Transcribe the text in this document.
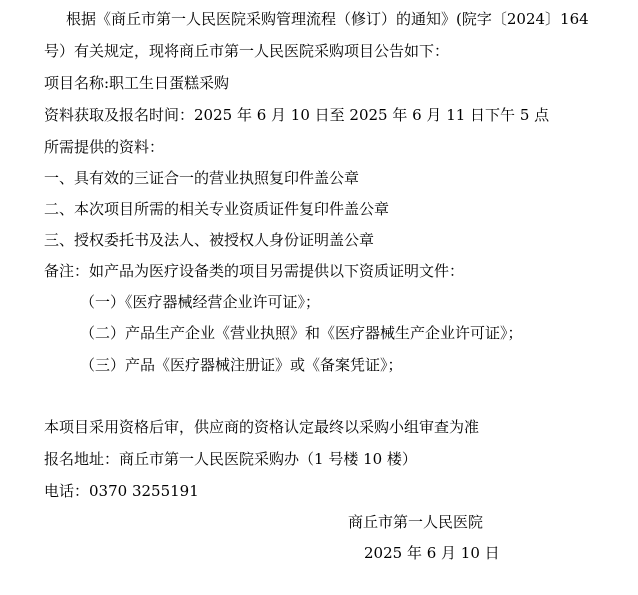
根据《商丘市第一人民医院采购管理流程（修订）的通知》(院字〔2024〕164
号）有关规定，现将商丘市第一人民医院采购项目公告如下：
项目名称:职工生日蛋糕采购
资料获取及报名时间：2025 年 6 月 10 日至 2025 年 6 月 11 日下午 5 点
所需提供的资料：
一、具有效的三证合一的营业执照复印件盖公章
二、本次项目所需的相关专业资质证件复印件盖公章
三、授权委托书及法人、被授权人身份证明盖公章
备注：如产品为医疗设备类的项目另需提供以下资质证明文件：
（一）《医疗器械经营企业许可证》；
（二）产品生产企业《营业执照》和《医疗器械生产企业许可证》；
（三）产品《医疗器械注册证》或《备案凭证》；
本项目采用资格后审，供应商的资格认定最终以采购小组审查为准
报名地址：商丘市第一人民医院采购办（1 号楼 10 楼）
电话：0370 3255191
商丘市第一人民医院
2025 年 6 月 10 日
